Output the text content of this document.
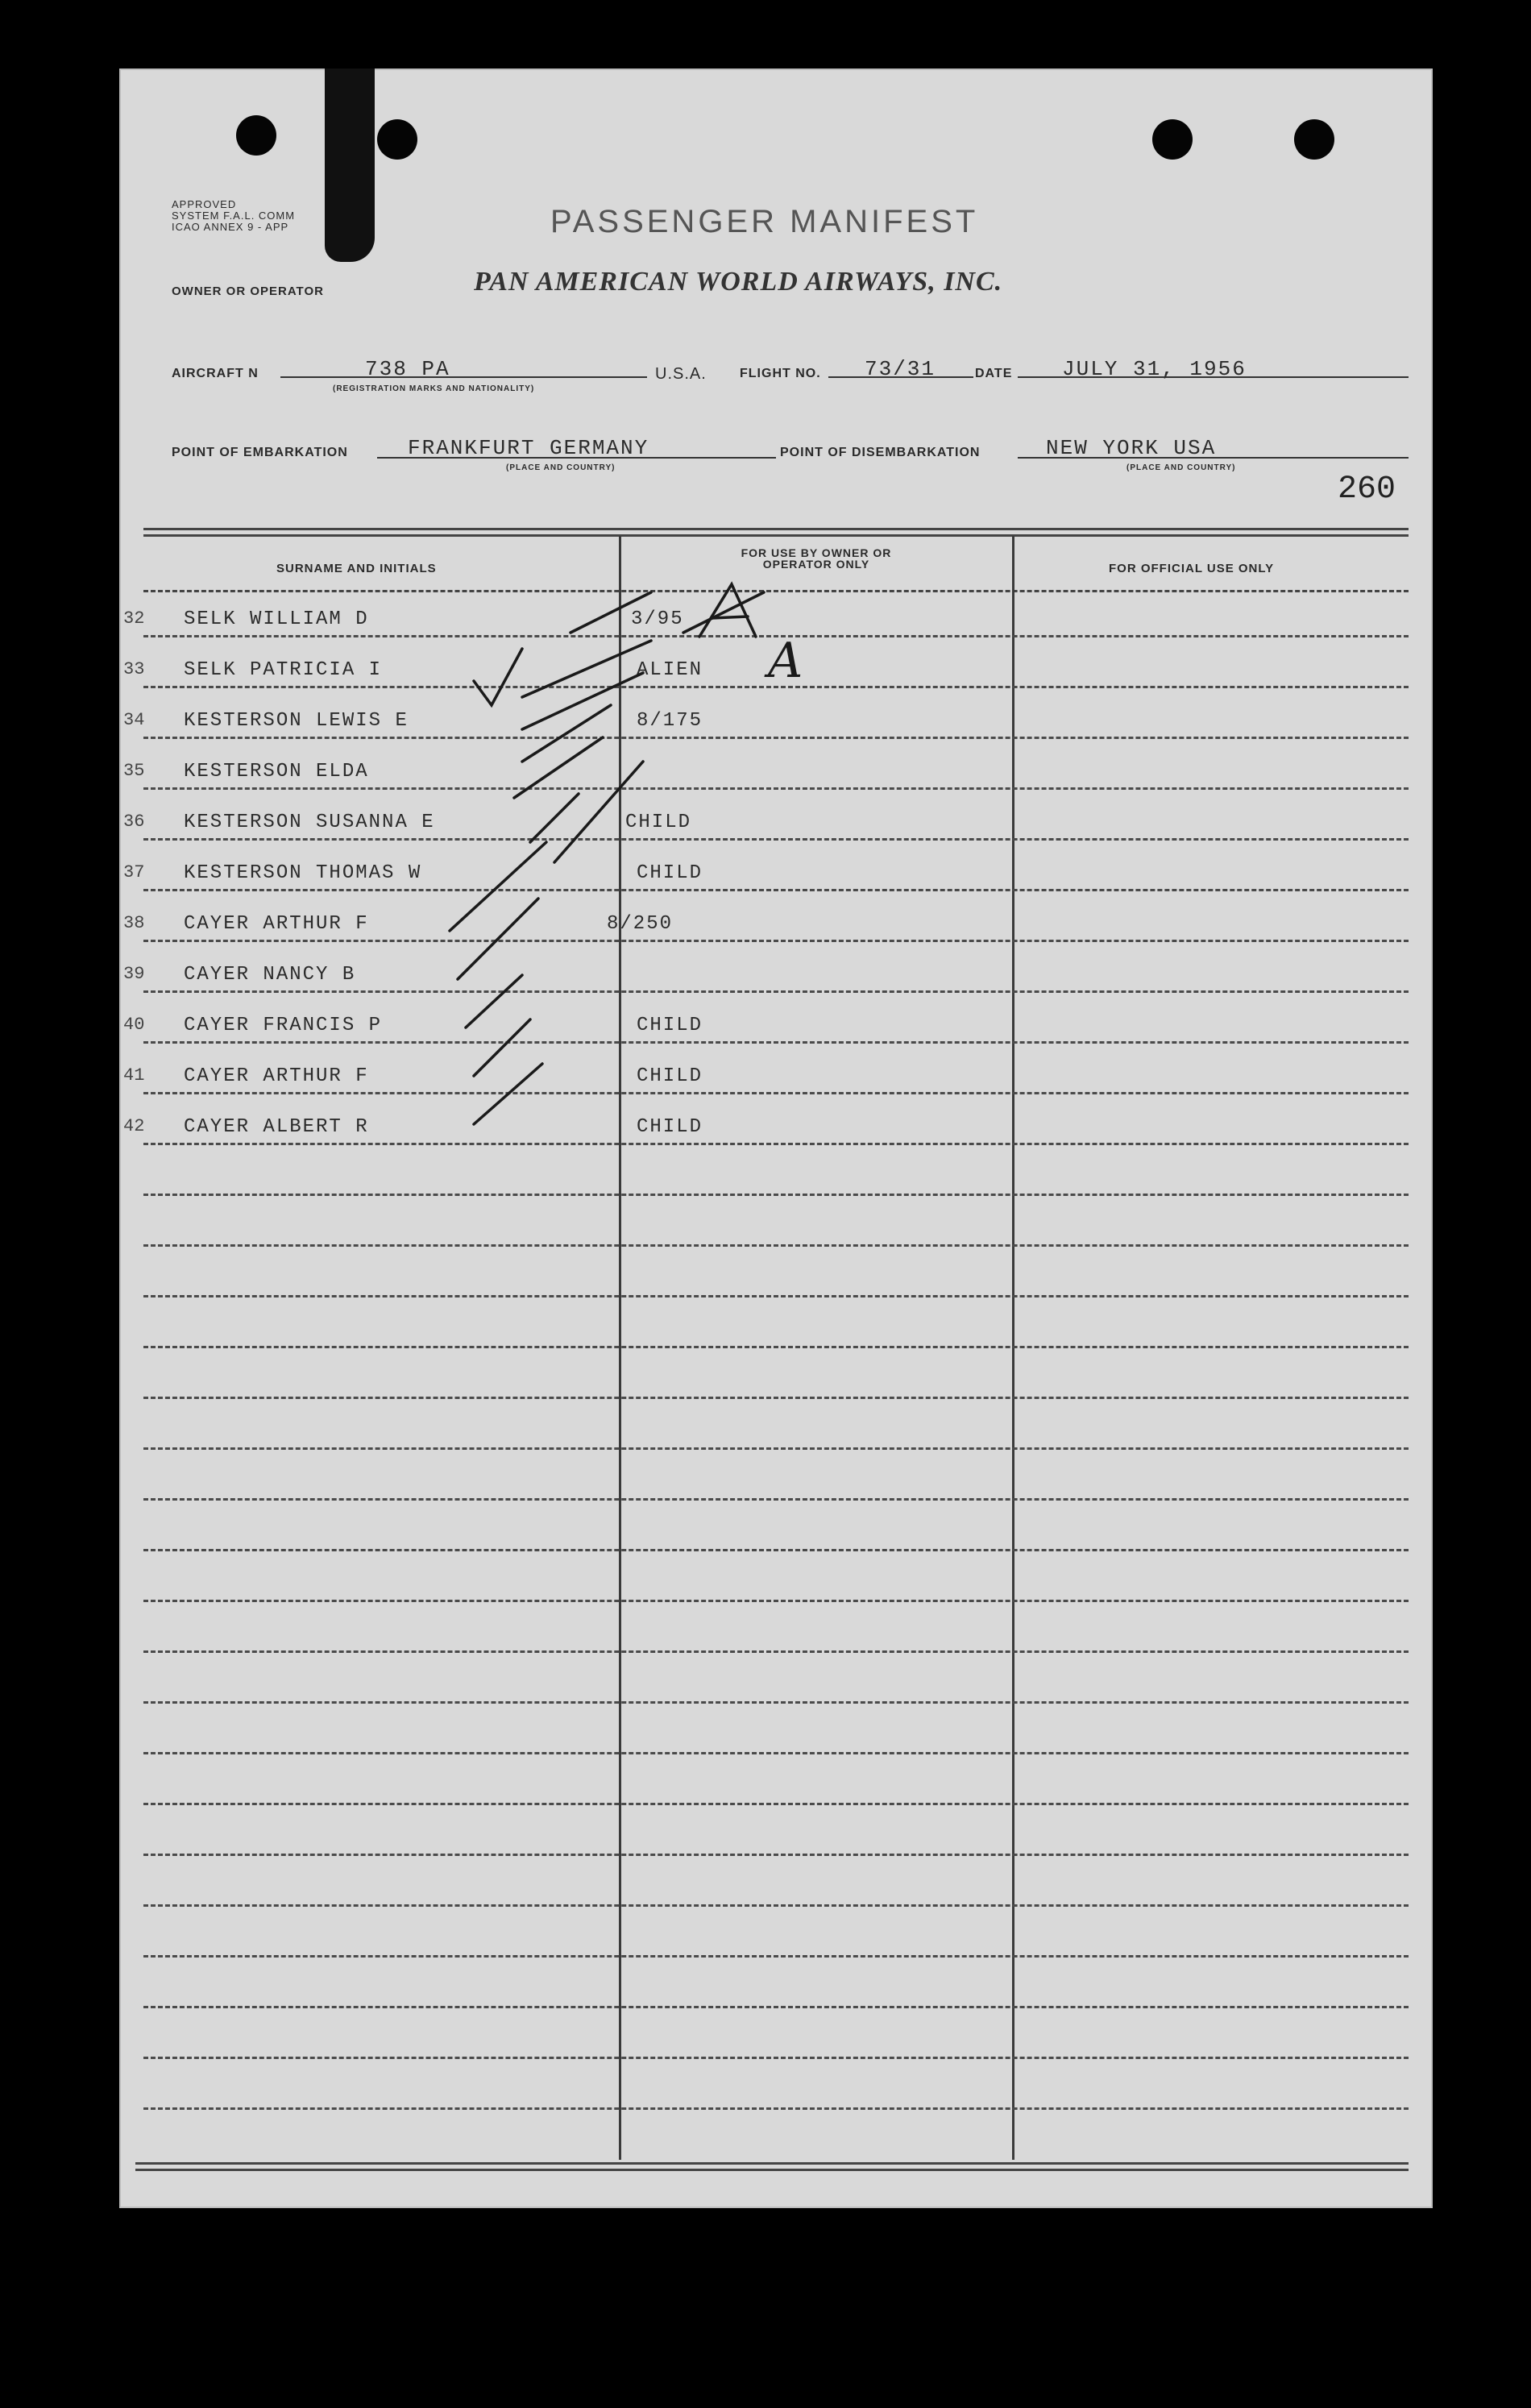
APPROVED
SYSTEM F.A.L. COMM
ICAO ANNEX 9 - APP
OWNER OR OPERATOR
PASSENGER MANIFEST
PAN AMERICAN WORLD AIRWAYS, INC.
AIRCRAFT N	738 PA
(REGISTRATION MARKS AND NATIONALITY)
U.S.A.	FLIGHT NO. 73/31	DATE JULY 31, 1956
POINT OF EMBARKATION	FRANKFURT GERMANY
(PLACE AND COUNTRY)
POINT OF DISEMBARKATION	NEW YORK USA
(PLACE AND COUNTRY)
260
SURNAME AND INITIALS
FOR USE BY OWNER OR OPERATOR ONLY	FOR OFFICIAL USE ONLY
32 SELK WILLIAM D	3/95
33 SELK PATRICIA I	ALIEN
34 KESTERSON LEWIS E	8/175
35 KESTERSON ELDA
36 KESTERSON SUSANNA E	CHILD
37 KESTERSON THOMAS W	CHILD
38 CAYER ARTHUR F	8/250
39 CAYER NANCY B
40 CAYER FRANCIS P	CHILD
41 CAYER ARTHUR F	CHILD
42 CAYER ALBERT R	CHILD
A
